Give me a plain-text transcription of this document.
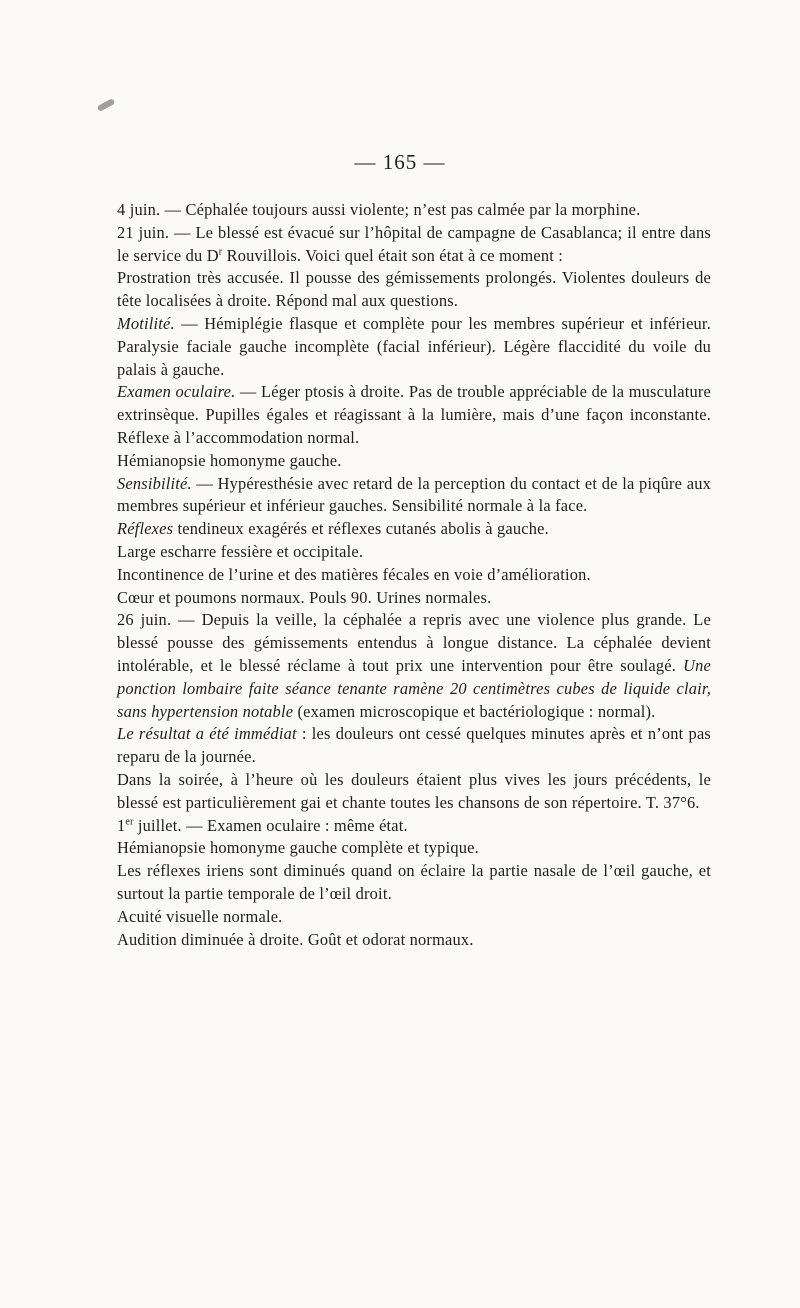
— 165 —

4 juin. — Céphalée toujours aussi violente; n’est pas calmée par la morphine.

21 juin. — Le blessé est évacué sur l’hôpital de campagne de Casablanca; il entre dans le service du $D^r$ Rouvillois. Voici quel était son état à ce moment :

Prostration très accusée. Il pousse des gémissements prolongés. Violentes douleurs de tête localisées à droite. Répond mal aux questions.

Motilité. — Hémiplégie flasque et complète pour les membres supérieur et inférieur. Paralysie faciale gauche incomplète (facial inférieur). Légère flaccidité du voile du palais à gauche.

Examen oculaire. — Léger ptosis à droite. Pas de trouble appréciable de la musculature extrinsèque. Pupilles égales et réagissant à la lumière, mais d’une façon inconstante. Réflexe à l’accommodation normal.

Hémianopsie homonyme gauche.

Sensibilité. — Hypéresthésie avec retard de la perception du contact et de la piqûre aux membres supérieur et inférieur gauches. Sensibilité normale à la face.

Réflexes tendineux exagérés et réflexes cutanés abolis à gauche.

Large escharre fessière et occipitale.

Incontinence de l’urine et des matières fécales en voie d’amélioration.

Cœur et poumons normaux. Pouls 90. Urines normales.

26 juin. — Depuis la veille, la céphalée a repris avec une violence plus grande. Le blessé pousse des gémissements entendus à longue distance. La céphalée devient intolérable, et le blessé réclame à tout prix une intervention pour être soulagé. Une ponction lombaire faite séance tenante ramène 20 centimètres cubes de liquide clair, sans hypertension notable (examen microscopique et bactériologique : normal).

Le résultat a été immédiat : les douleurs ont cessé quelques minutes après et n’ont pas reparu de la journée.

Dans la soirée, à l’heure où les douleurs étaient plus vives les jours précédents, le blessé est particulièrement gai et chante toutes les chansons de son répertoire. T. 37°6.

1er juillet. — Examen oculaire : même état.

Hémianopsie homonyme gauche complète et typique.

Les réflexes iriens sont diminués quand on éclaire la partie nasale de l’œil gauche, et surtout la partie temporale de l’œil droit.

Acuité visuelle normale.

Audition diminuée à droite. Goût et odorat normaux.
